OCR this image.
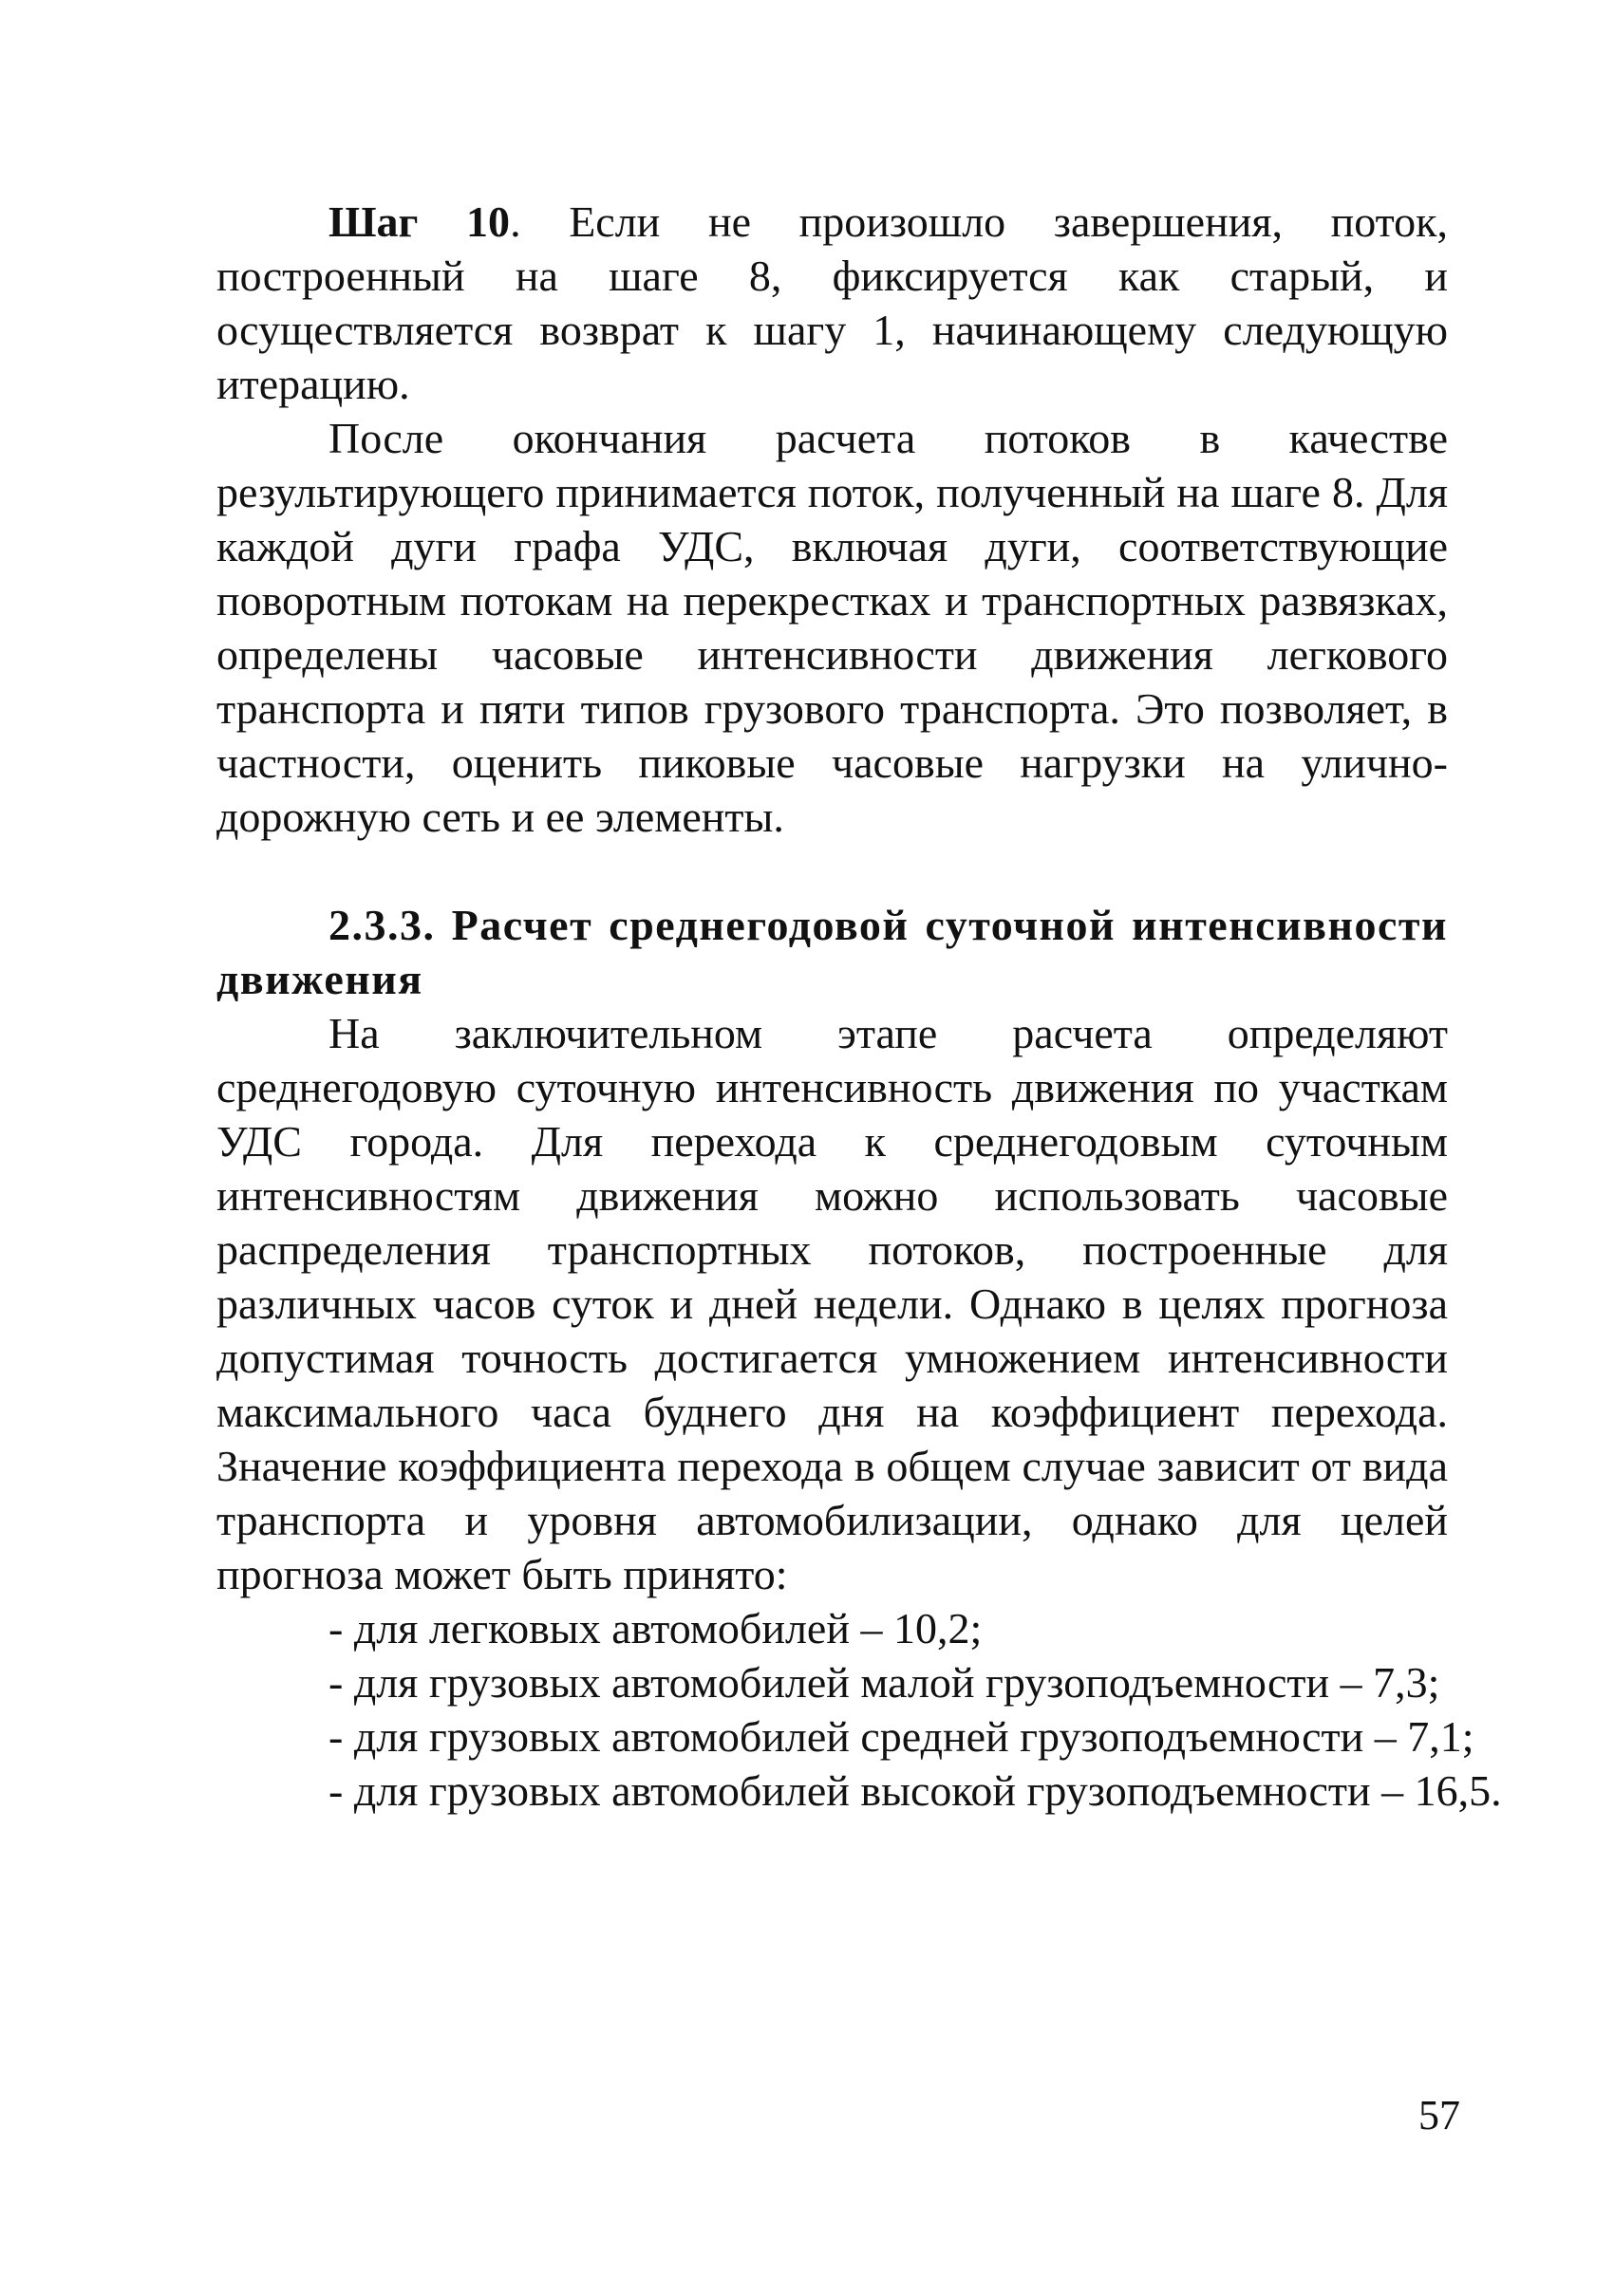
Шаг 10. Если не произошло завершения, поток, построенный на шаге 8, фиксируется как старый, и осуществляется возврат к шагу 1, начинающему следующую итерацию.

После окончания расчета потоков в качестве результирующего принимается поток, полученный на шаге 8. Для каждой дуги графа УДС, включая дуги, соответствующие поворотным потокам на перекрестках и транспортных развязках, определены часовые интенсивности движения легкового транспорта и пяти типов грузового транспорта. Это позволяет, в частности, оценить пиковые часовые нагрузки на улично-дорожную сеть и ее элементы.

2.3.3. Расчет среднегодовой суточной интенсивности движения

На заключительном этапе расчета определяют среднегодовую суточную интенсивность движения по участкам УДС города. Для перехода к среднегодовым суточным интенсивностям движения можно использовать часовые распределения транспортных потоков, построенные для различных часов суток и дней недели. Однако в целях прогноза допустимая точность достигается умножением интенсивности максимального часа буднего дня на коэффициент перехода. Значение коэффициента перехода в общем случае зависит от вида транспорта и уровня автомобилизации, однако для целей прогноза может быть принято:

- для легковых автомобилей – 10,2;
- для грузовых автомобилей малой грузоподъемности – 7,3;
- для грузовых автомобилей средней грузоподъемности – 7,1;
- для грузовых автомобилей высокой грузоподъемности – 16,5.
57
